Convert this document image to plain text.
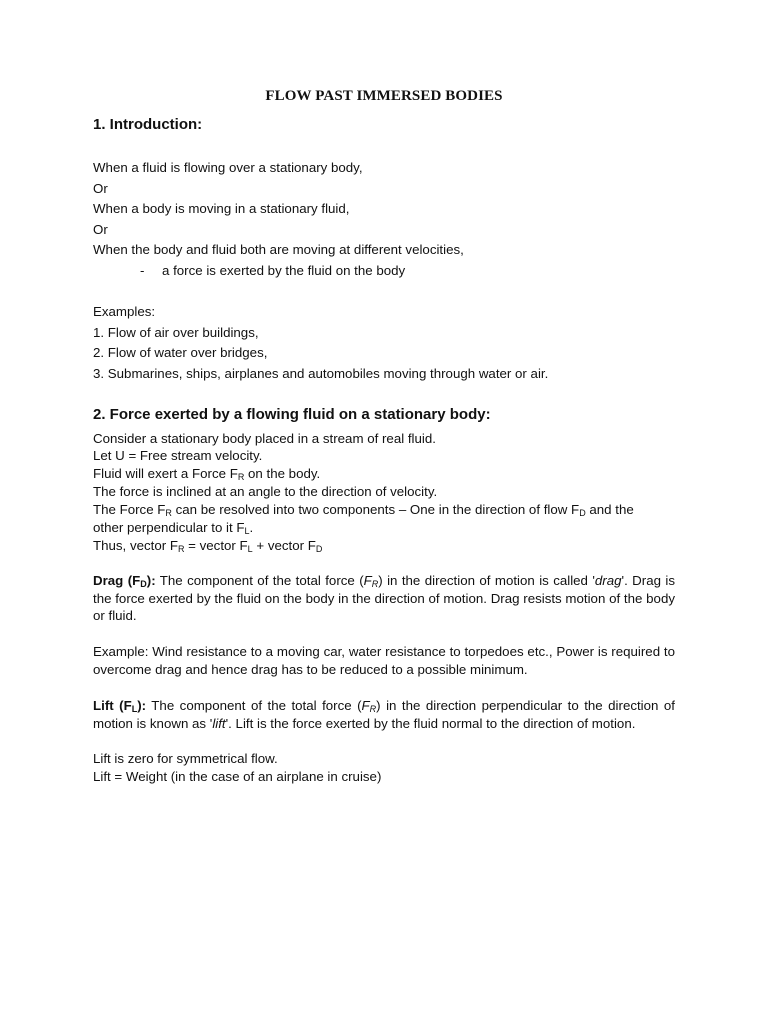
FLOW PAST IMMERSED BODIES
1. Introduction:
When a fluid is flowing over a stationary body,
Or
When a body is moving in a stationary fluid,
Or
When the body and fluid both are moving at different velocities,
- a force is exerted by the fluid on the body
Examples:
1. Flow of air over buildings,
2. Flow of water over bridges,
3. Submarines, ships, airplanes and automobiles moving through water or air.
2. Force exerted by a flowing fluid on a stationary body:
Consider a stationary body placed in a stream of real fluid.
Let U = Free stream velocity.
Fluid will exert a Force $F_R$ on the body.
The force is inclined at an angle to the direction of velocity.
The Force $F_R$ can be resolved into two components – One in the direction of flow $F_D$ and the
other perpendicular to it $F_L$.
Thus, vector $F_R$ = vector $F_L$ + vector $F_D$
Drag $(F_D)$: The component of the total force $(F_R)$ in the direction of motion is called 'drag'. Drag is the force exerted by the fluid on the body in the direction of motion. Drag resists motion of the body or fluid.
Example: Wind resistance to a moving car, water resistance to torpedoes etc., Power is required to overcome drag and hence drag has to be reduced to a possible minimum.
Lift $(F_L)$: The component of the total force $(F_R)$ in the direction perpendicular to the direction of motion is known as 'lift'. Lift is the force exerted by the fluid normal to the direction of motion.
Lift is zero for symmetrical flow.
Lift = Weight (in the case of an airplane in cruise)
